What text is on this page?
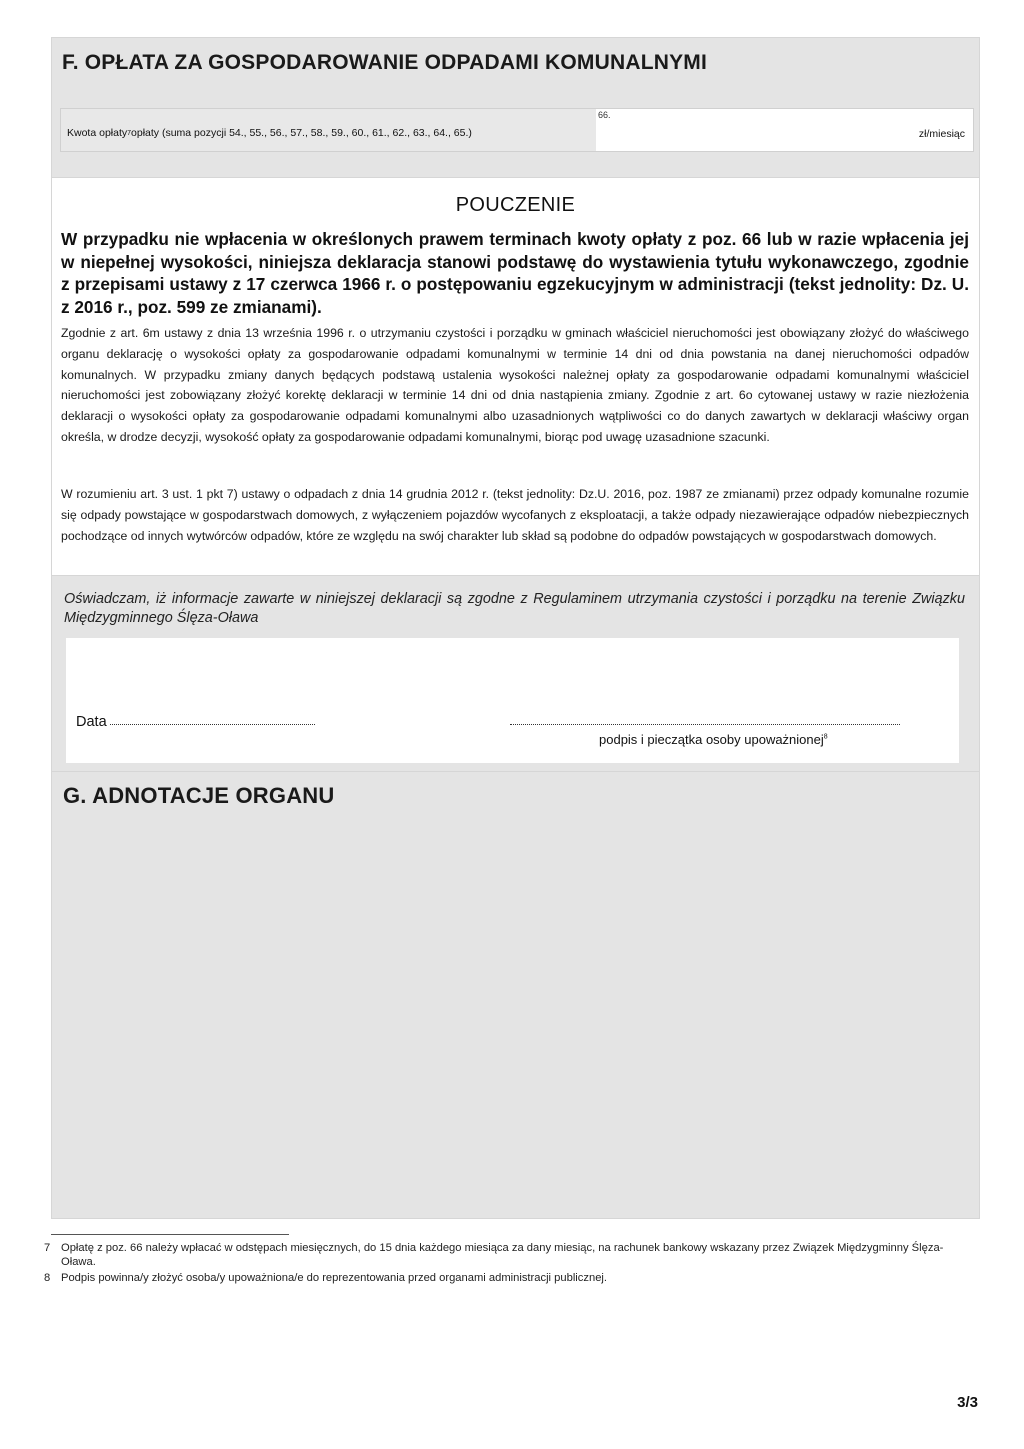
F. OPŁATA ZA GOSPODAROWANIE ODPADAMI KOMUNALNYMI
Kwota opłaty 7 opłaty (suma pozycji 54., 55., 56., 57., 58., 59., 60., 61., 62., 63., 64., 65.)
66.
zł/miesiąc
POUCZENIE
W przypadku nie wpłacenia w określonych prawem terminach kwoty opłaty z poz. 66 lub w razie wpłacenia jej w niepełnej wysokości, niniejsza deklaracja stanowi podstawę do wystawienia tytułu wykonawczego, zgodnie z przepisami ustawy z 17 czerwca 1966 r. o postępowaniu egzekucyjnym w administracji (tekst jednolity: Dz. U. z 2016 r., poz. 599 ze zmianami).
Zgodnie z art. 6m ustawy z dnia 13 września 1996 r. o utrzymaniu czystości i porządku w gminach właściciel nieruchomości jest obowiązany złożyć do właściwego organu deklarację o wysokości opłaty za gospodarowanie odpadami komunalnymi w terminie 14 dni od dnia powstania na danej nieruchomości odpadów komunalnych. W przypadku zmiany danych będących podstawą ustalenia wysokości należnej opłaty za gospodarowanie odpadami komunalnymi właściciel nieruchomości jest zobowiązany złożyć korektę deklaracji w terminie 14 dni od dnia nastąpienia zmiany. Zgodnie z art. 6o cytowanej ustawy w razie niezłożenia deklaracji o wysokości opłaty za gospodarowanie odpadami komunalnymi albo uzasadnionych wątpliwości co do danych zawartych w deklaracji właściwy organ określa, w drodze decyzji, wysokość opłaty za gospodarowanie odpadami komunalnymi, biorąc pod uwagę uzasadnione szacunki.
W rozumieniu art. 3 ust. 1 pkt 7) ustawy o odpadach z dnia 14 grudnia 2012 r. (tekst jednolity: Dz.U. 2016, poz. 1987 ze zmianami) przez odpady komunalne rozumie się odpady powstające w gospodarstwach domowych, z wyłączeniem pojazdów wycofanych z eksploatacji, a także odpady niezawierające odpadów niebezpiecznych pochodzące od innych wytwórców odpadów, które ze względu na swój charakter lub skład są podobne do odpadów powstających w gospodarstwach domowych.
Oświadczam, iż informacje zawarte w niniejszej deklaracji są zgodne z Regulaminem utrzymania czystości i porządku na terenie Związku Międzygminnego Ślęza-Oława
Data
podpis i pieczątka osoby upoważnionej$^8$
G. ADNOTACJE ORGANU
7 Opłatę z poz. 66 należy wpłacać w odstępach miesięcznych, do 15 dnia każdego miesiąca za dany miesiąc, na rachunek bankowy wskazany przez Związek Międzygminny Ślęza-Oława.
8 Podpis powinna/y złożyć osoba/y upoważniona/e do reprezentowania przed organami administracji publicznej.
3/3
